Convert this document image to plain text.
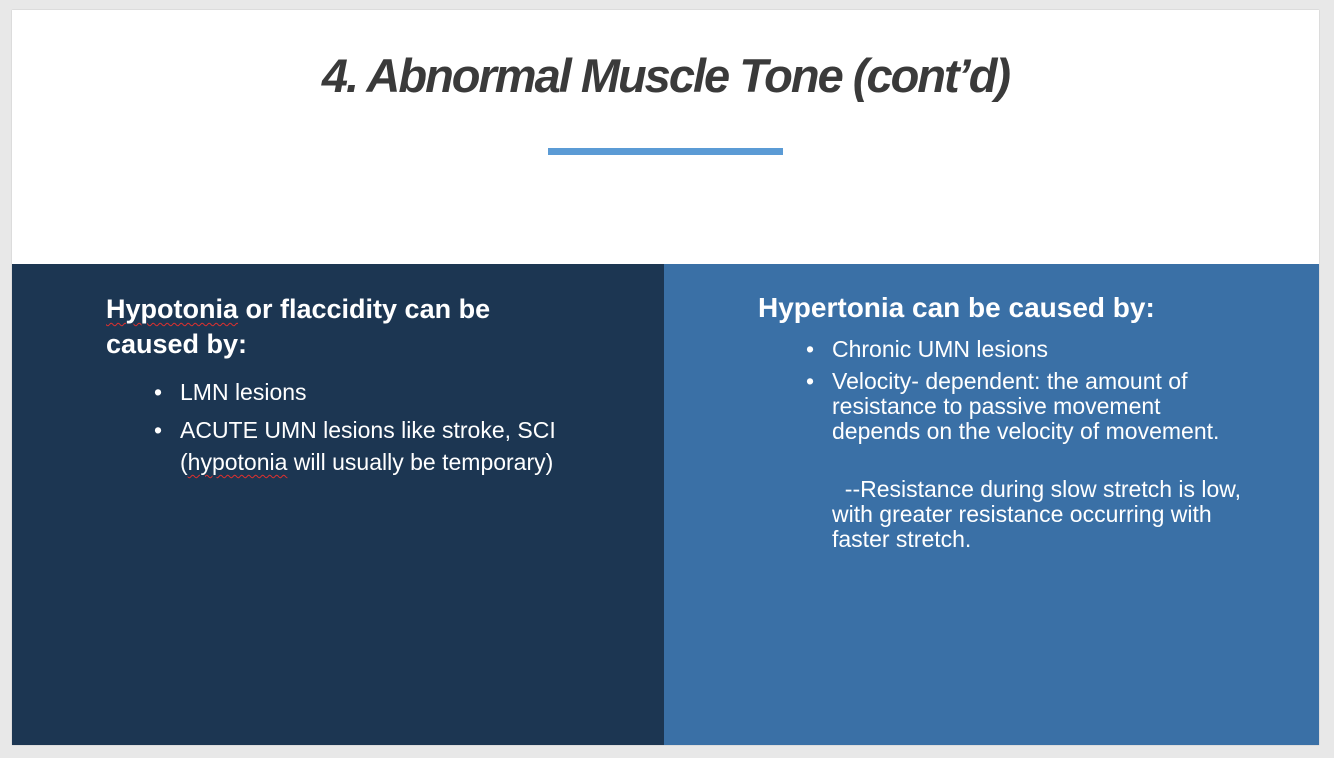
4. Abnormal Muscle Tone (cont’d)

Hypotonia or flaccidity can be caused by:

• LMN lesions
• ACUTE UMN lesions like stroke, SCI (hypotonia will usually be temporary)

Hypertonia can be caused by:

• Chronic UMN lesions
• Velocity- dependent: the amount of resistance to passive movement depends on the velocity of movement.

--Resistance during slow stretch is low, with greater resistance occurring with faster stretch.
